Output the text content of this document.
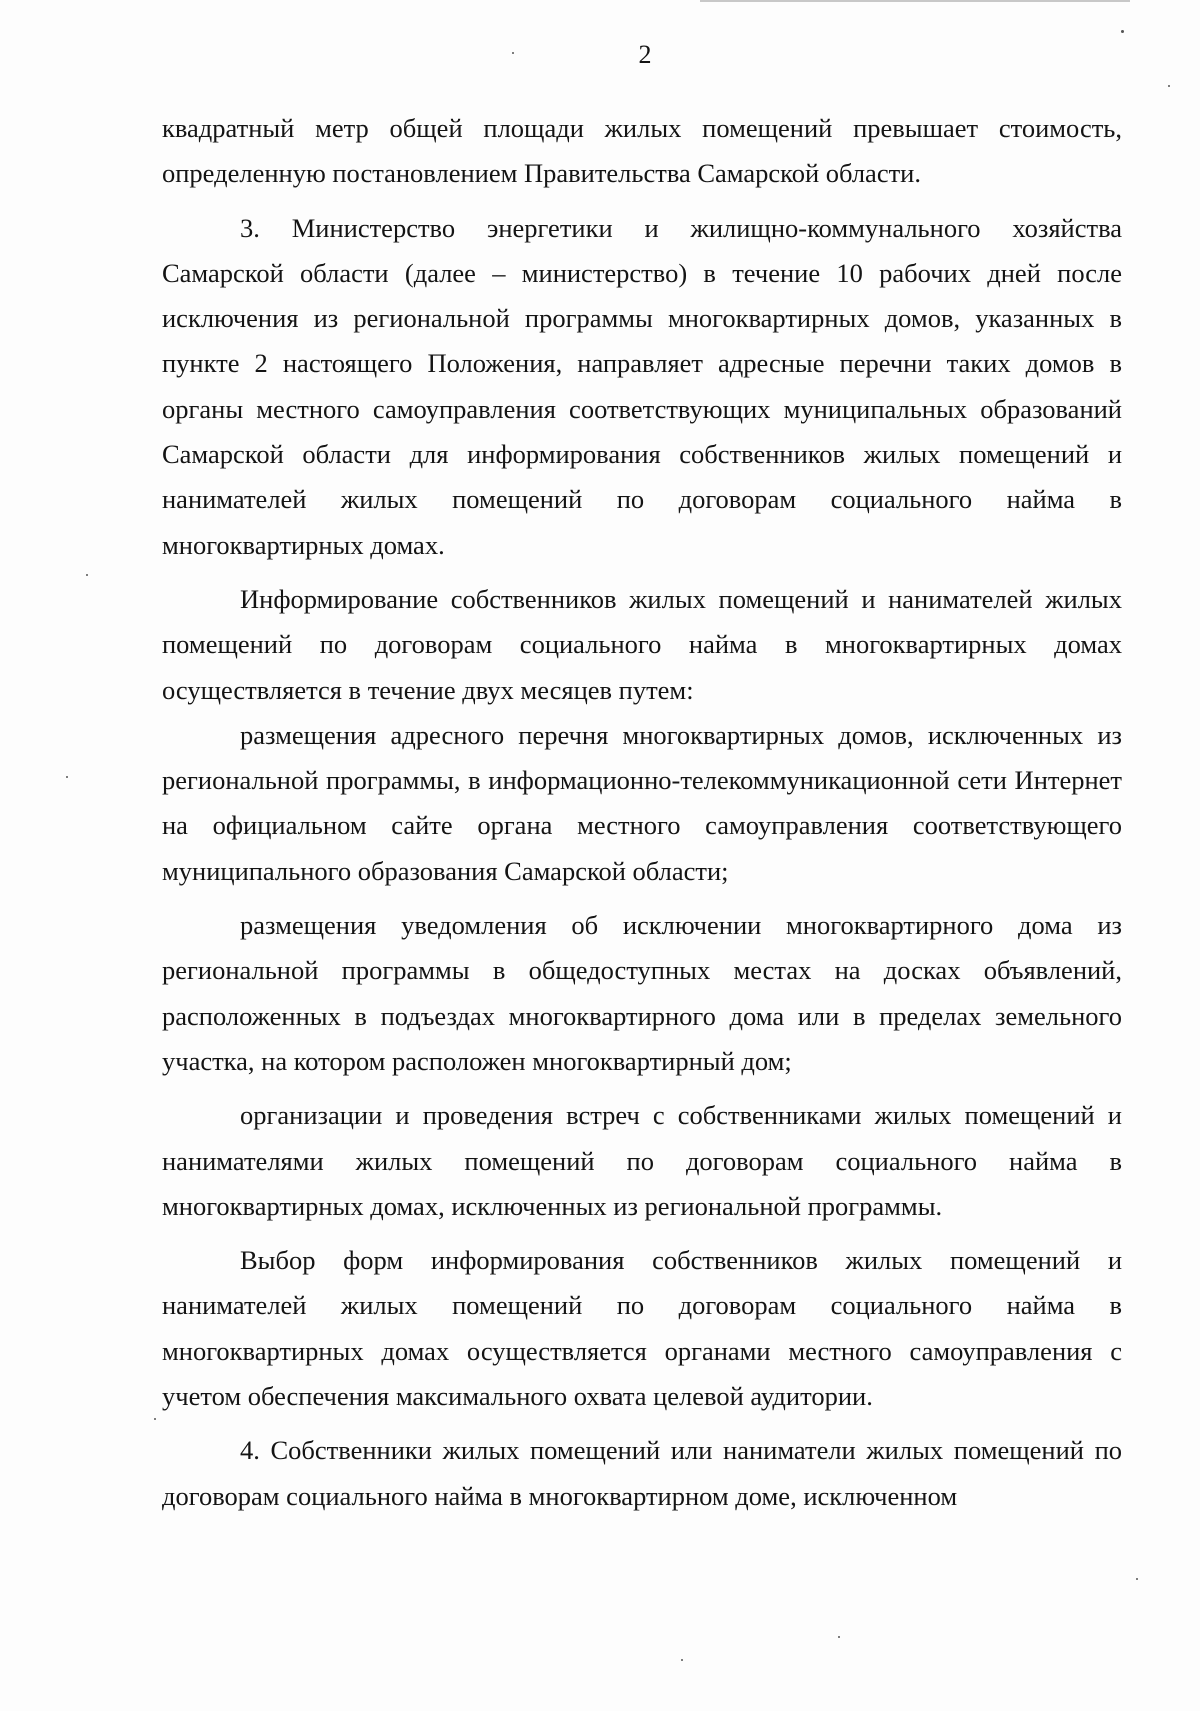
2

квадратный метр общей площади жилых помещений превышает стоимость, определенную постановлением Правительства Самарской области.

3. Министерство энергетики и жилищно-коммунального хозяйства Самарской области (далее – министерство) в течение 10 рабочих дней после исключения из региональной программы многоквартирных домов, указанных в пункте 2 настоящего Положения, направляет адресные перечни таких домов в органы местного самоуправления соответствующих муниципальных образований Самарской области для информирования собственников жилых помещений и нанимателей жилых помещений по договорам социального найма в многоквартирных домах.

Информирование собственников жилых помещений и нанимателей жилых помещений по договорам социального найма в многоквартирных домах осуществляется в течение двух месяцев путем:

размещения адресного перечня многоквартирных домов, исключенных из региональной программы, в информационно-телекоммуникационной сети Интернет на официальном сайте органа местного самоуправления соответствующего муниципального образования Самарской области;

размещения уведомления об исключении многоквартирного дома из региональной программы в общедоступных местах на досках объявлений, расположенных в подъездах многоквартирного дома или в пределах земельного участка, на котором расположен многоквартирный дом;

организации и проведения встреч с собственниками жилых помещений и нанимателями жилых помещений по договорам социального найма в многоквартирных домах, исключенных из региональной программы.

Выбор форм информирования собственников жилых помещений и нанимателей жилых помещений по договорам социального найма в многоквартирных домах осуществляется органами местного самоуправления с учетом обеспечения максимального охвата целевой аудитории.

4. Собственники жилых помещений или наниматели жилых помещений по договорам социального найма в многоквартирном доме, исключенном
